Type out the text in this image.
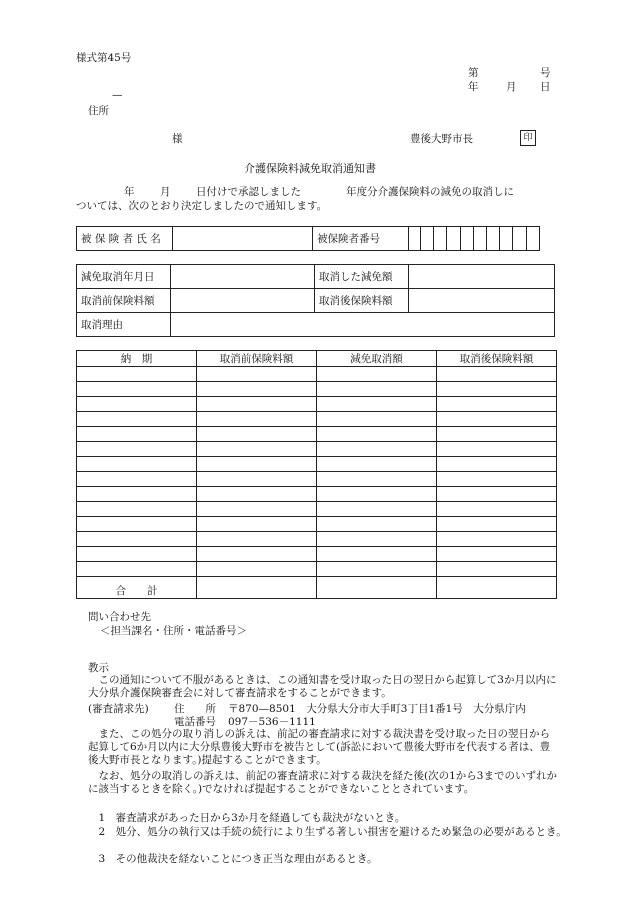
様式第45号
第	号
年	月 日
—
住所
様	豊後大野市長	印
介護保険料減免取消通知書
年 月 日付けで承認しました	年度分介護保険料の減免の取消しに
ついては、次のとおり決定しましたので通知します。
被 保 険 者 氏 名		被保険者番号										
減免取消年月日		取消した減免額	
取消前保険料額		取消後保険料額	
取消理由			
納　期	取消前保険料額	減免取消額	取消後保険料額

合　　計			
問い合わせ先
＜担当課名・住所・電話番号＞
教示
この通知について不服があるときは、この通知書を受け取った日の翌日から起算して3か月以内に大分県介護保険審査会に対して審査請求をすることができます。
(審査請求先) 住　　所 〒870—8501　大分県大分市大手町3丁目1番1号　大分県庁内
電話番号 097－536－1111
また、この処分の取り消しの訴えは、前記の審査請求に対する裁決書を受け取った日の翌日から起算して6か月以内に大分県豊後大野市を被告として(訴訟において豊後大野市を代表する者は、豊後大野市長となります。)提起することができます。
なお、処分の取消しの訴えは、前記の審査請求に対する裁決を経た後(次の1から3までのいずれかに該当するときを除く。)でなければ提起することができないこととされています。
1　審査請求があった日から3か月を経過しても裁決がないとき。
2　処分、処分の執行又は手続の続行により生ずる著しい損害を避けるため緊急の必要があるとき。
3　その他裁決を経ないことにつき正当な理由があるとき。
